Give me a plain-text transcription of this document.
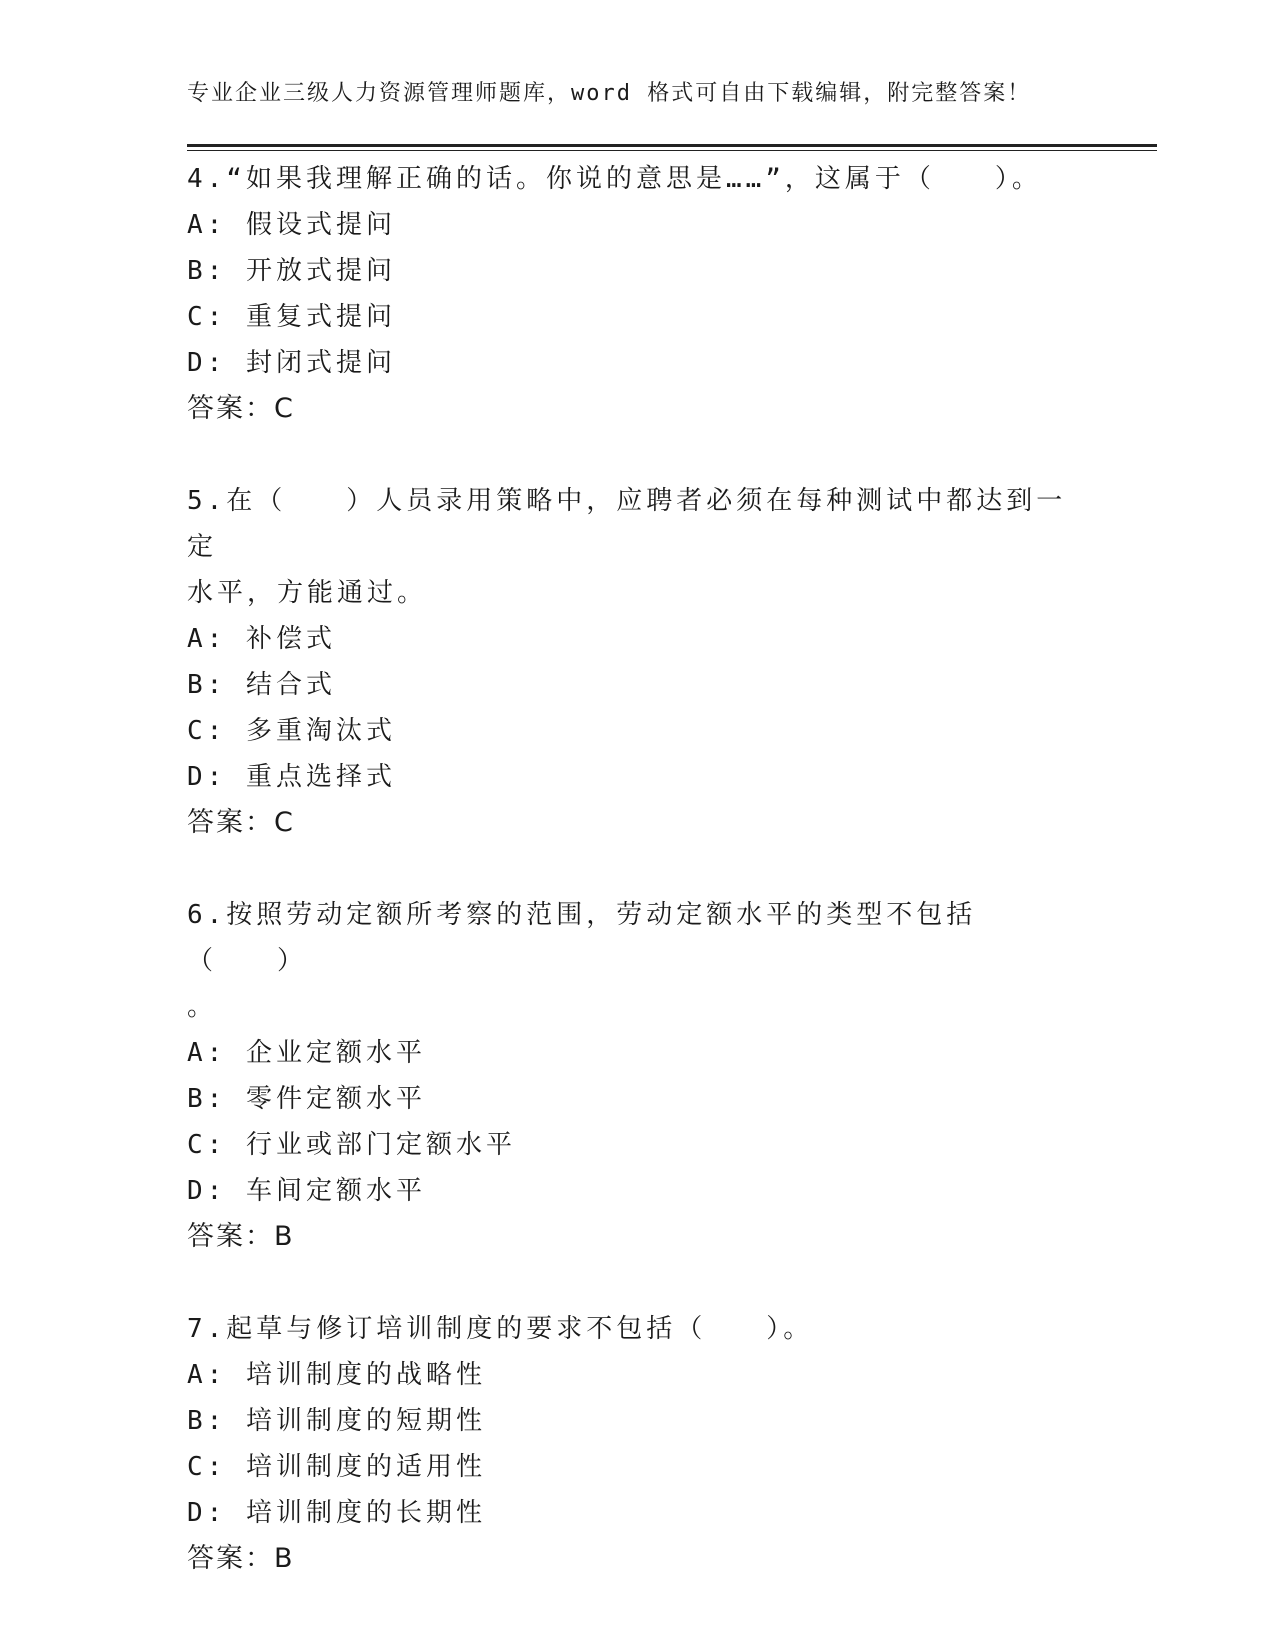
专业企业三级人力资源管理师题库，word 格式可自由下载编辑，附完整答案！
4.“如果我理解正确的话。你说的意思是……”，这属于（　　）。
A: 假设式提问
B: 开放式提问
C: 重复式提问
D: 封闭式提问
答案：C
5.在（　　）人员录用策略中，应聘者必须在每种测试中都达到一定
水平，方能通过。
A: 补偿式
B: 结合式
C: 多重淘汰式
D: 重点选择式
答案：C
6.按照劳动定额所考察的范围，劳动定额水平的类型不包括（　　）
。
A: 企业定额水平
B: 零件定额水平
C: 行业或部门定额水平
D: 车间定额水平
答案：B
7.起草与修订培训制度的要求不包括（　　）。
A: 培训制度的战略性
B: 培训制度的短期性
C: 培训制度的适用性
D: 培训制度的长期性
答案：B
